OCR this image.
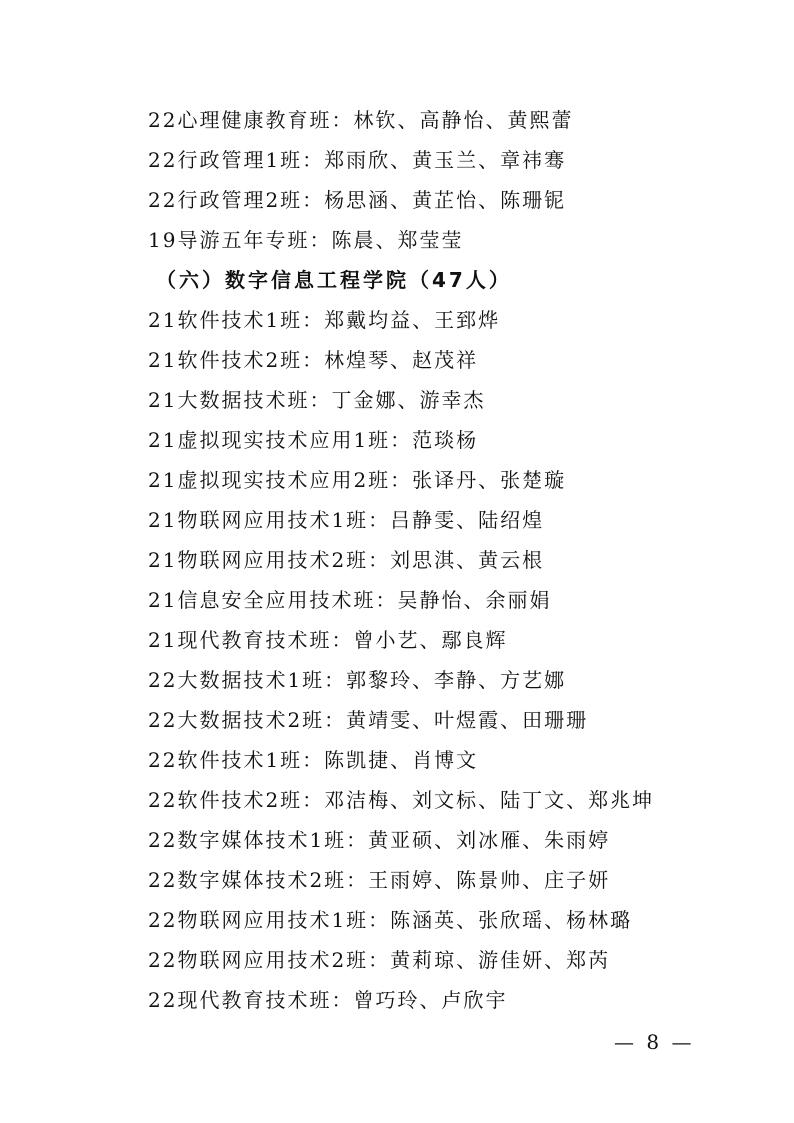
22心理健康教育班：林钦、高静怡、黄熙蕾
22行政管理1班：郑雨欣、黄玉兰、章祎骞
22行政管理2班：杨思涵、黄芷怡、陈珊铌
19导游五年专班：陈晨、郑莹莹
（六）数字信息工程学院（47人）
21软件技术1班：郑戴均益、王郅烨
21软件技术2班：林煌琴、赵茂祥
21大数据技术班：丁金娜、游幸杰
21虚拟现实技术应用1班：范琰杨
21虚拟现实技术应用2班：张译丹、张楚璇
21物联网应用技术1班：吕静雯、陆绍煌
21物联网应用技术2班：刘思淇、黄云根
21信息安全应用技术班：吴静怡、余丽娟
21现代教育技术班：曾小艺、鄢良辉
22大数据技术1班：郭黎玲、李静、方艺娜
22大数据技术2班：黄靖雯、叶煜霞、田珊珊
22软件技术1班：陈凯捷、肖博文
22软件技术2班：邓洁梅、刘文标、陆丁文、郑兆坤
22数字媒体技术1班：黄亚硕、刘冰雁、朱雨婷
22数字媒体技术2班：王雨婷、陈景帅、庄子妍
22物联网应用技术1班：陈涵英、张欣瑶、杨林璐
22物联网应用技术2班：黄莉琼、游佳妍、郑芮
22现代教育技术班：曾巧玲、卢欣宇
— 8 —
